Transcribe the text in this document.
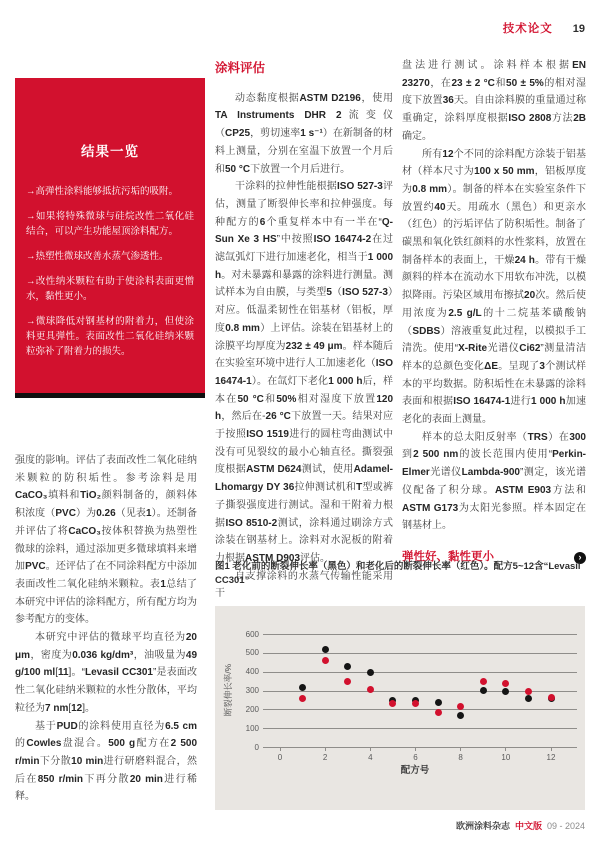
技术论文 19
结果一览

→高弹性涂料能够抵抗污垢的吸附。

→如果将特殊微球与硅烷改性二氧化硅结合，可以产生功能屋顶涂料配方。

→热塑性微球改善水蒸气渗透性。

→改性纳米颗粒有助于使涂料表面更憎水，黏性更小。

→微球降低对钢基材的附着力，但使涂料更具弹性。表面改性二氧化硅纳米颗粒弥补了附着力的损失。

强度的影响。评估了表面改性二氧化硅纳米颗粒的防积垢性。参考涂料是用CaCO₃填料和TiO₂颜料制备的，颜料体积浓度（PVC）为0.26（见表1）。还制备并评估了将CaCO₃按体积替换为热塑性微球的涂料，通过添加更多微球填料来增加PVC。还评估了在不同涂料配方中添加表面改性二氧化硅纳米颗粒。表1总结了本研究中评估的涂料配方，所有配方均为参考配方的变体。

本研究中评估的微球平均直径为20 μm，密度为0.036 kg/dm³，油吸量为49 g/100 ml[11]。“Levasil CC301”是表面改性二氧化硅纳米颗粒的水性分散体，平均粒径为7 nm[12]。

基于PUD的涂料使用直径为6.5 cm的Cowles盘混合。500 g配方在2 500 r/min下分散10 min进行研磨料混合，然后在850 r/min下再分散20 min进行稀释。

涂料评估

动态黏度根据ASTM D2196，使用TA Instruments DHR 2流变仪（CP25，剪切速率1 s⁻¹）在新制备的材料上测量，分别在室温下放置一个月后和50 °C下放置一个月后进行。

干涂料的拉伸性能根据ISO 527-3评估，测量了断裂伸长率和拉伸强度。每种配方的6个重复样本中有一半在“Q-Sun Xe 3 HS”中按照ISO 16474-2在过滤氙弧灯下进行加速老化，相当于1 000 h。对未暴露和暴露的涂料进行测量。测试样本为自由膜，与类型5（ISO 527-3）对应。低温柔韧性在铝基材（铝板，厚度0.8 mm）上评估。涂装在铝基材上的涂膜平均厚度为232 ± 49 μm。样本随后在实验室环境中进行人工加速老化（ISO 16474-1）。在氙灯下老化1 000 h后，样本在50 °C和50%相对湿度下放置120 h，然后在-26 °C下放置一天。结果对应于按照ISO 1519进行的圆柱弯曲测试中没有可见裂纹的最小心轴直径。撕裂强度根据ASTM D624测试，使用Adamel-Lhomargy DY 36拉伸测试机和T型或裤子撕裂强度进行测试。湿和干附着力根据ISO 8510-2测试，涂料通过刷涂方式涂装在钢基材上。涂料对水泥板的附着力根据ASTM D903评估。

自支撑涂料的水蒸气传输性能采用干

盘法进行测试。涂料样本根据EN 23270，在23 ± 2 °C和50 ± 5%的相对湿度下放置36天。自由涂料膜的重量通过称重确定，涂料厚度根据ISO 2808方法2B确定。

所有12个不同的涂料配方涂装于铝基材（样本尺寸为100 x 50 mm，铝板厚度为0.8 mm）。制备的样本在实验室条件下放置约40天。用疏水（黑色）和更亲水（红色）的污垢评估了防积垢性。制备了碳黑和氧化铁红颜料的水性浆料，放置在制备样本的表面上，干燥24 h。带有干燥颜料的样本在流动水下用软布冲洗，以模拟降雨。污染区域用布擦拭20次。然后使用浓度为2.5 g/L的十二烷基苯磺酸钠（SDBS）溶液重复此过程，以模拟手工清洗。使用“X-Rite光谱仪Ci62”测量清洁样本的总颜色变化ΔE。呈现了3个测试样本的平均数据。防积垢性在未暴露的涂料表面和根据ISO 16474-1进行1 000 h加速老化的表面上测量。

样本的总太阳反射率（TRS）在300到2 500 nm的波长范围内使用“Perkin-Elmer光谱仪Lambda-900”测定，该光谱仪配备了积分球。ASTM E903方法和ASTM G173为太阳光参照。样本固定在钢基材上。

弹性好、黏性更小	›

图1 老化前的断裂伸长率（黑色）和老化后的断裂伸长率（红色）。配方5~12含“Levasil CC301”

断裂伸长率/%
配方号
0
100
200
300
400
500
600
0	2	4	6	8	10	12
欧洲涂料杂志 中文版 09 - 2024
